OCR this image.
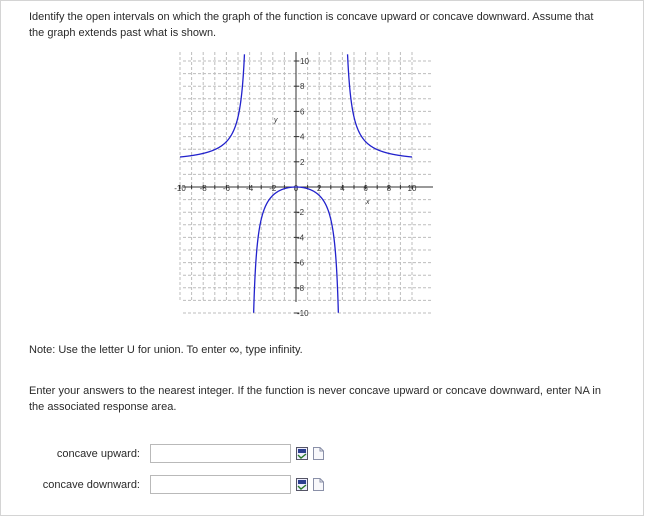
Identify the open intervals on which the graph of the function is concave upward or concave downward. Assume that the graph extends past what is shown.
-10 -8 -6 -4 -2 0 2 4 6 8 10
10
8
6
4
2
-2
-4
-6
-8
-10
y
x
Note: Use the letter U for union. To enter ∞, type infinity.
Enter your answers to the nearest integer. If the function is never concave upward or concave downward, enter NA in the associated response area.
concave upward:

concave downward:
